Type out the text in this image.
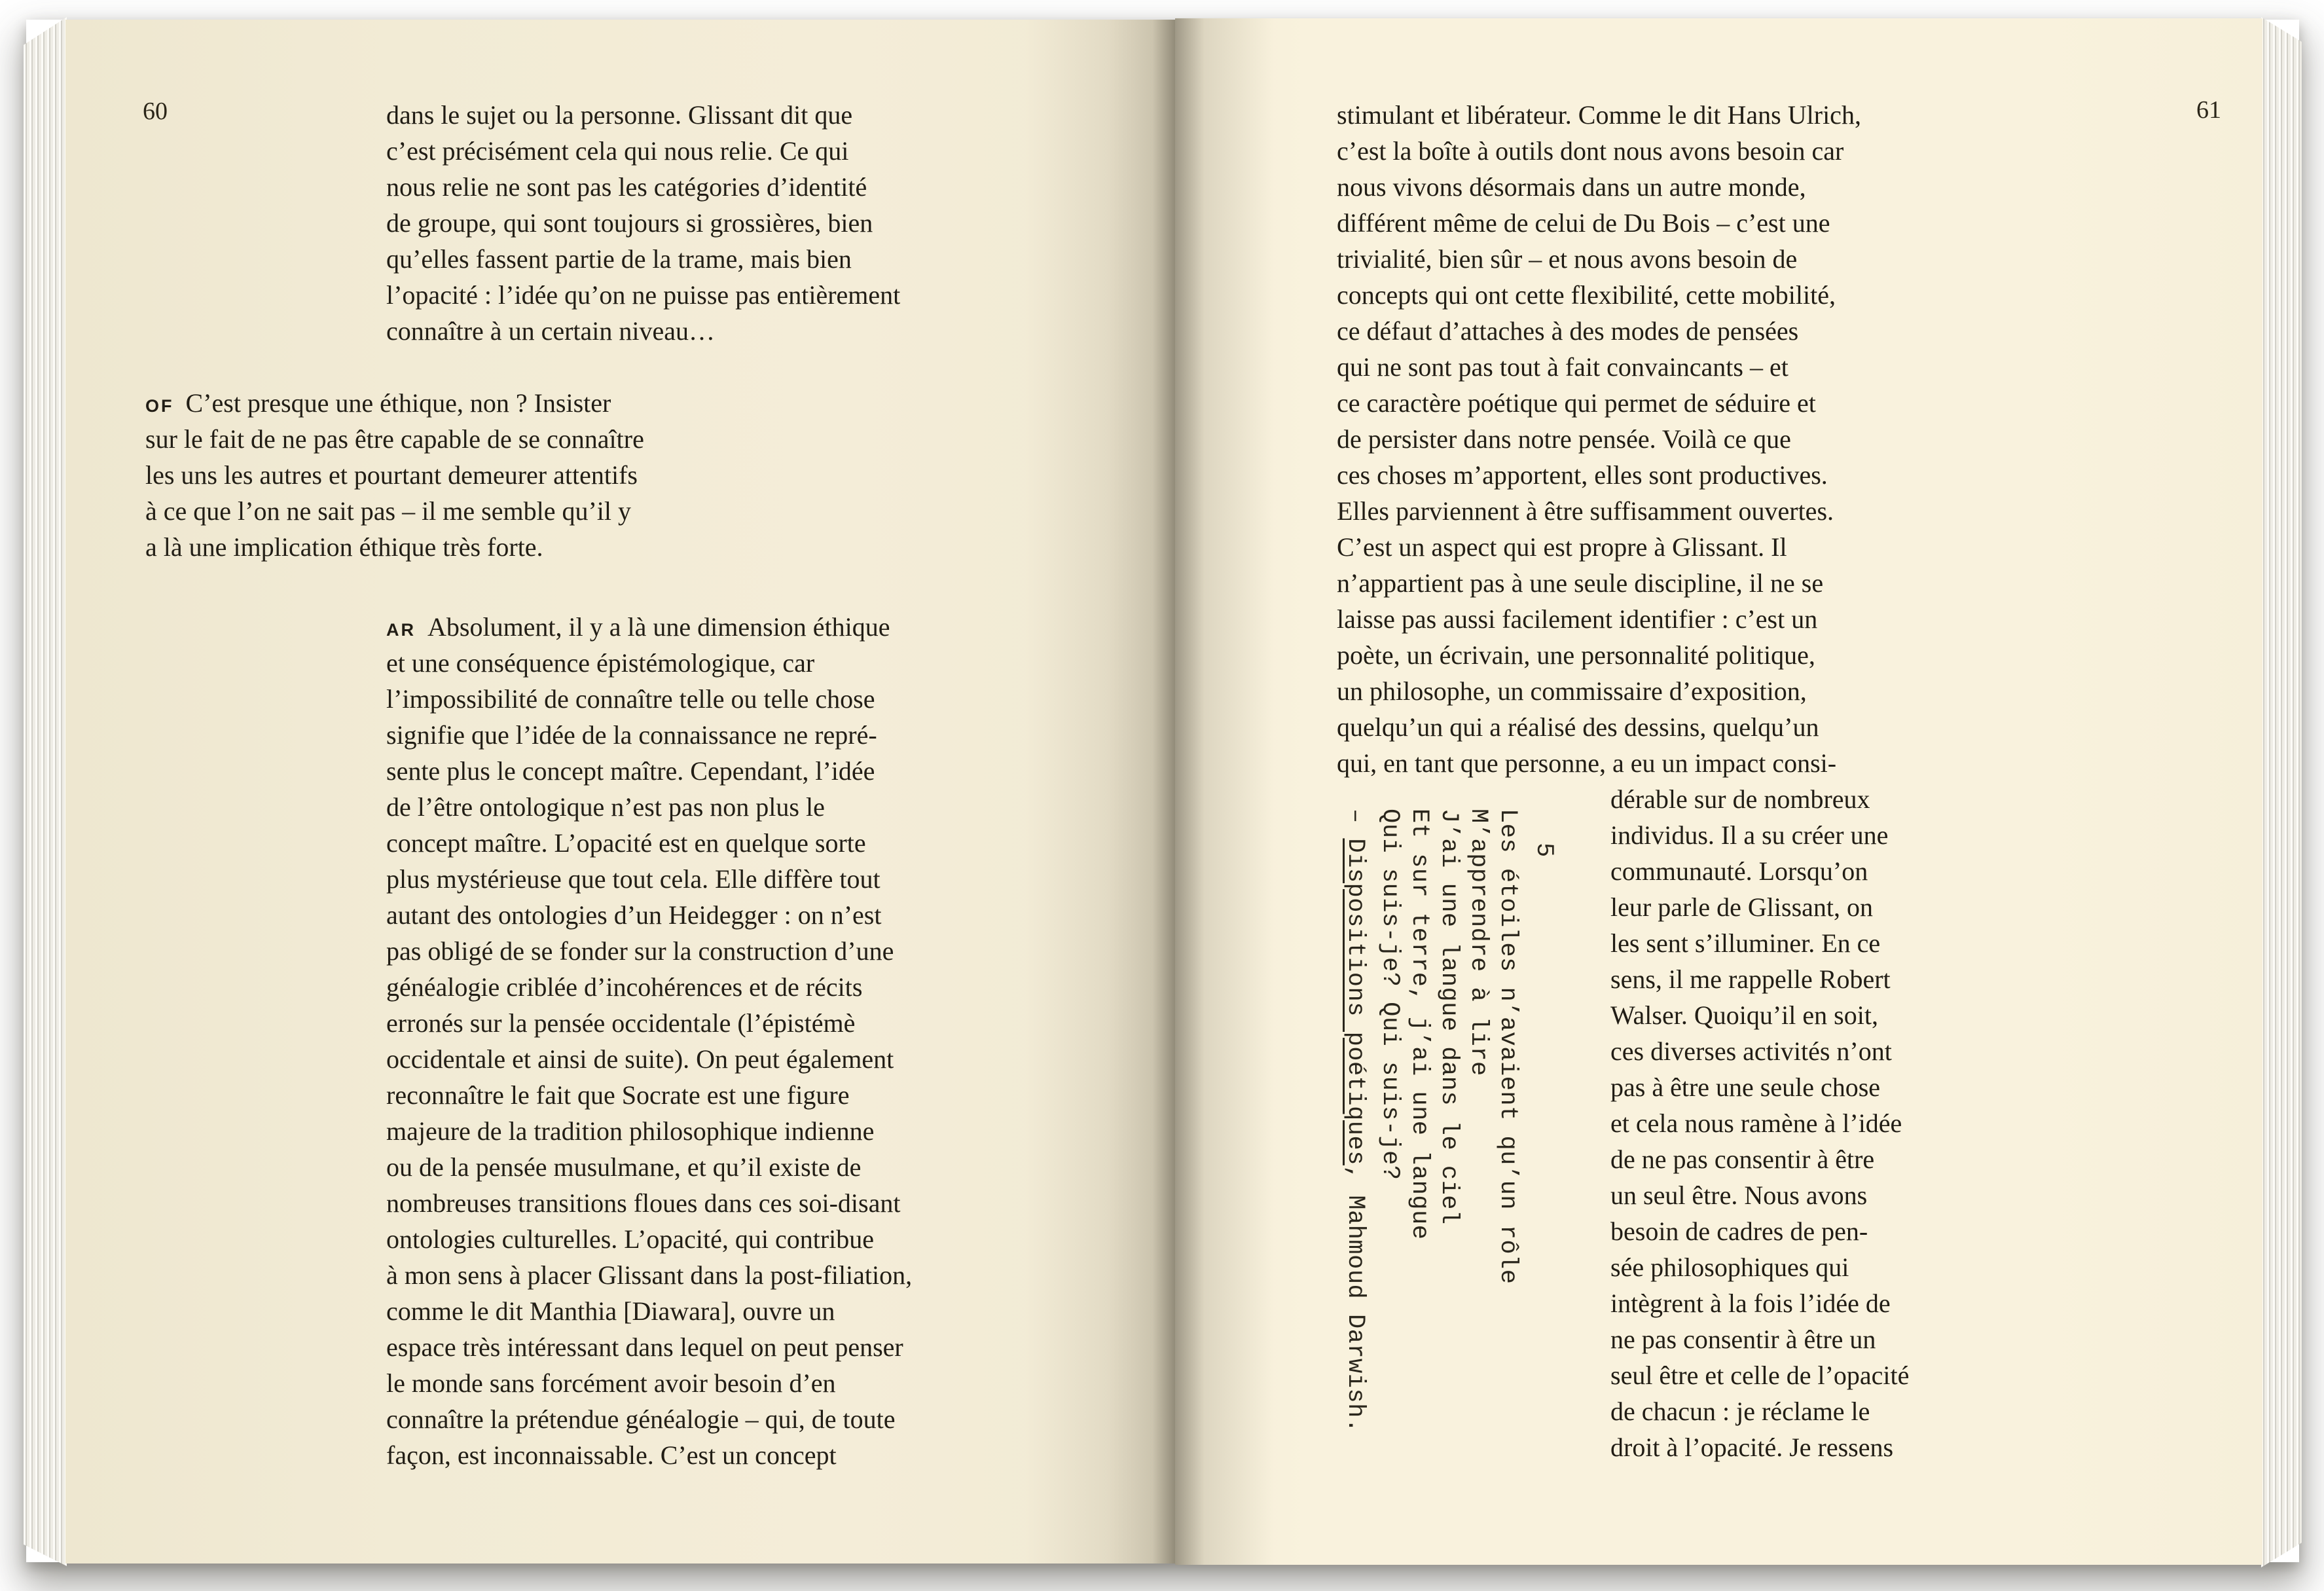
60	dans le sujet ou la personne. Glissant dit que
c’est précisément cela qui nous relie. Ce qui
nous relie ne sont pas les catégories d’identité
de groupe, qui sont toujours si grossières, bien
qu’elles fassent partie de la trame, mais bien
l’opacité : l’idée qu’on ne puisse pas entièrement
connaître à un certain niveau…
OF C’est presque une éthique, non ? Insister
sur le fait de ne pas être capable de se connaître
les uns les autres et pourtant demeurer attentifs
à ce que l’on ne sait pas – il me semble qu’il y
a là une implication éthique très forte.
AR Absolument, il y a là une dimension éthique
et une conséquence épistémologique, car
l’impossibilité de connaître telle ou telle chose
signifie que l’idée de la connaissance ne repré-
sente plus le concept maître. Cependant, l’idée
de l’être ontologique n’est pas non plus le
concept maître. L’opacité est en quelque sorte
plus mystérieuse que tout cela. Elle diffère tout
autant des ontologies d’un Heidegger : on n’est
pas obligé de se fonder sur la construction d’une
généalogie criblée d’incohérences et de récits
erronés sur la pensée occidentale (l’épistémè
occidentale et ainsi de suite). On peut également
reconnaître le fait que Socrate est une figure
majeure de la tradition philosophique indienne
ou de la pensée musulmane, et qu’il existe de
nombreuses transitions floues dans ces soi-disant
ontologies culturelles. L’opacité, qui contribue
à mon sens à placer Glissant dans la post-filiation,
comme le dit Manthia [Diawara], ouvre un
espace très intéressant dans lequel on peut penser
le monde sans forcément avoir besoin d’en
connaître la prétendue généalogie – qui, de toute
façon, est inconnaissable. C’est un concept
61
stimulant et libérateur. Comme le dit Hans Ulrich,
c’est la boîte à outils dont nous avons besoin car
nous vivons désormais dans un autre monde,
différent même de celui de Du Bois – c’est une
trivialité, bien sûr – et nous avons besoin de
concepts qui ont cette flexibilité, cette mobilité,
ce défaut d’attaches à des modes de pensées
qui ne sont pas tout à fait convaincants – et
ce caractère poétique qui permet de séduire et
de persister dans notre pensée. Voilà ce que
ces choses m’apportent, elles sont productives.
Elles parviennent à être suffisamment ouvertes.
C’est un aspect qui est propre à Glissant. Il
n’appartient pas à une seule discipline, il ne se
laisse pas aussi facilement identifier : c’est un
poète, un écrivain, une personnalité politique,
un philosophe, un commissaire d’exposition,
quelqu’un qui a réalisé des dessins, quelqu’un
qui, en tant que personne, a eu un impact consi-
dérable sur de nombreux
individus. Il a su créer une
communauté. Lorsqu’on
leur parle de Glissant, on
les sent s’illuminer. En ce
sens, il me rappelle Robert
Walser. Quoiqu’il en soit,
ces diverses activités n’ont
pas à être une seule chose
et cela nous ramène à l’idée
de ne pas consentir à être
un seul être. Nous avons
besoin de cadres de pen-
sée philosophiques qui
intègrent à la fois l’idée de
ne pas consentir à être un
seul être et celle de l’opacité
de chacun : je réclame le
droit à l’opacité. Je ressens
5
Les étoiles n’avaient qu’un rôle
M’apprendre à lire
J’ai une langue dans le ciel
Et sur terre, j’ai une langue
Qui suis-je? Qui suis-je?
– Dispositions poétiques, Mahmoud Darwish.
